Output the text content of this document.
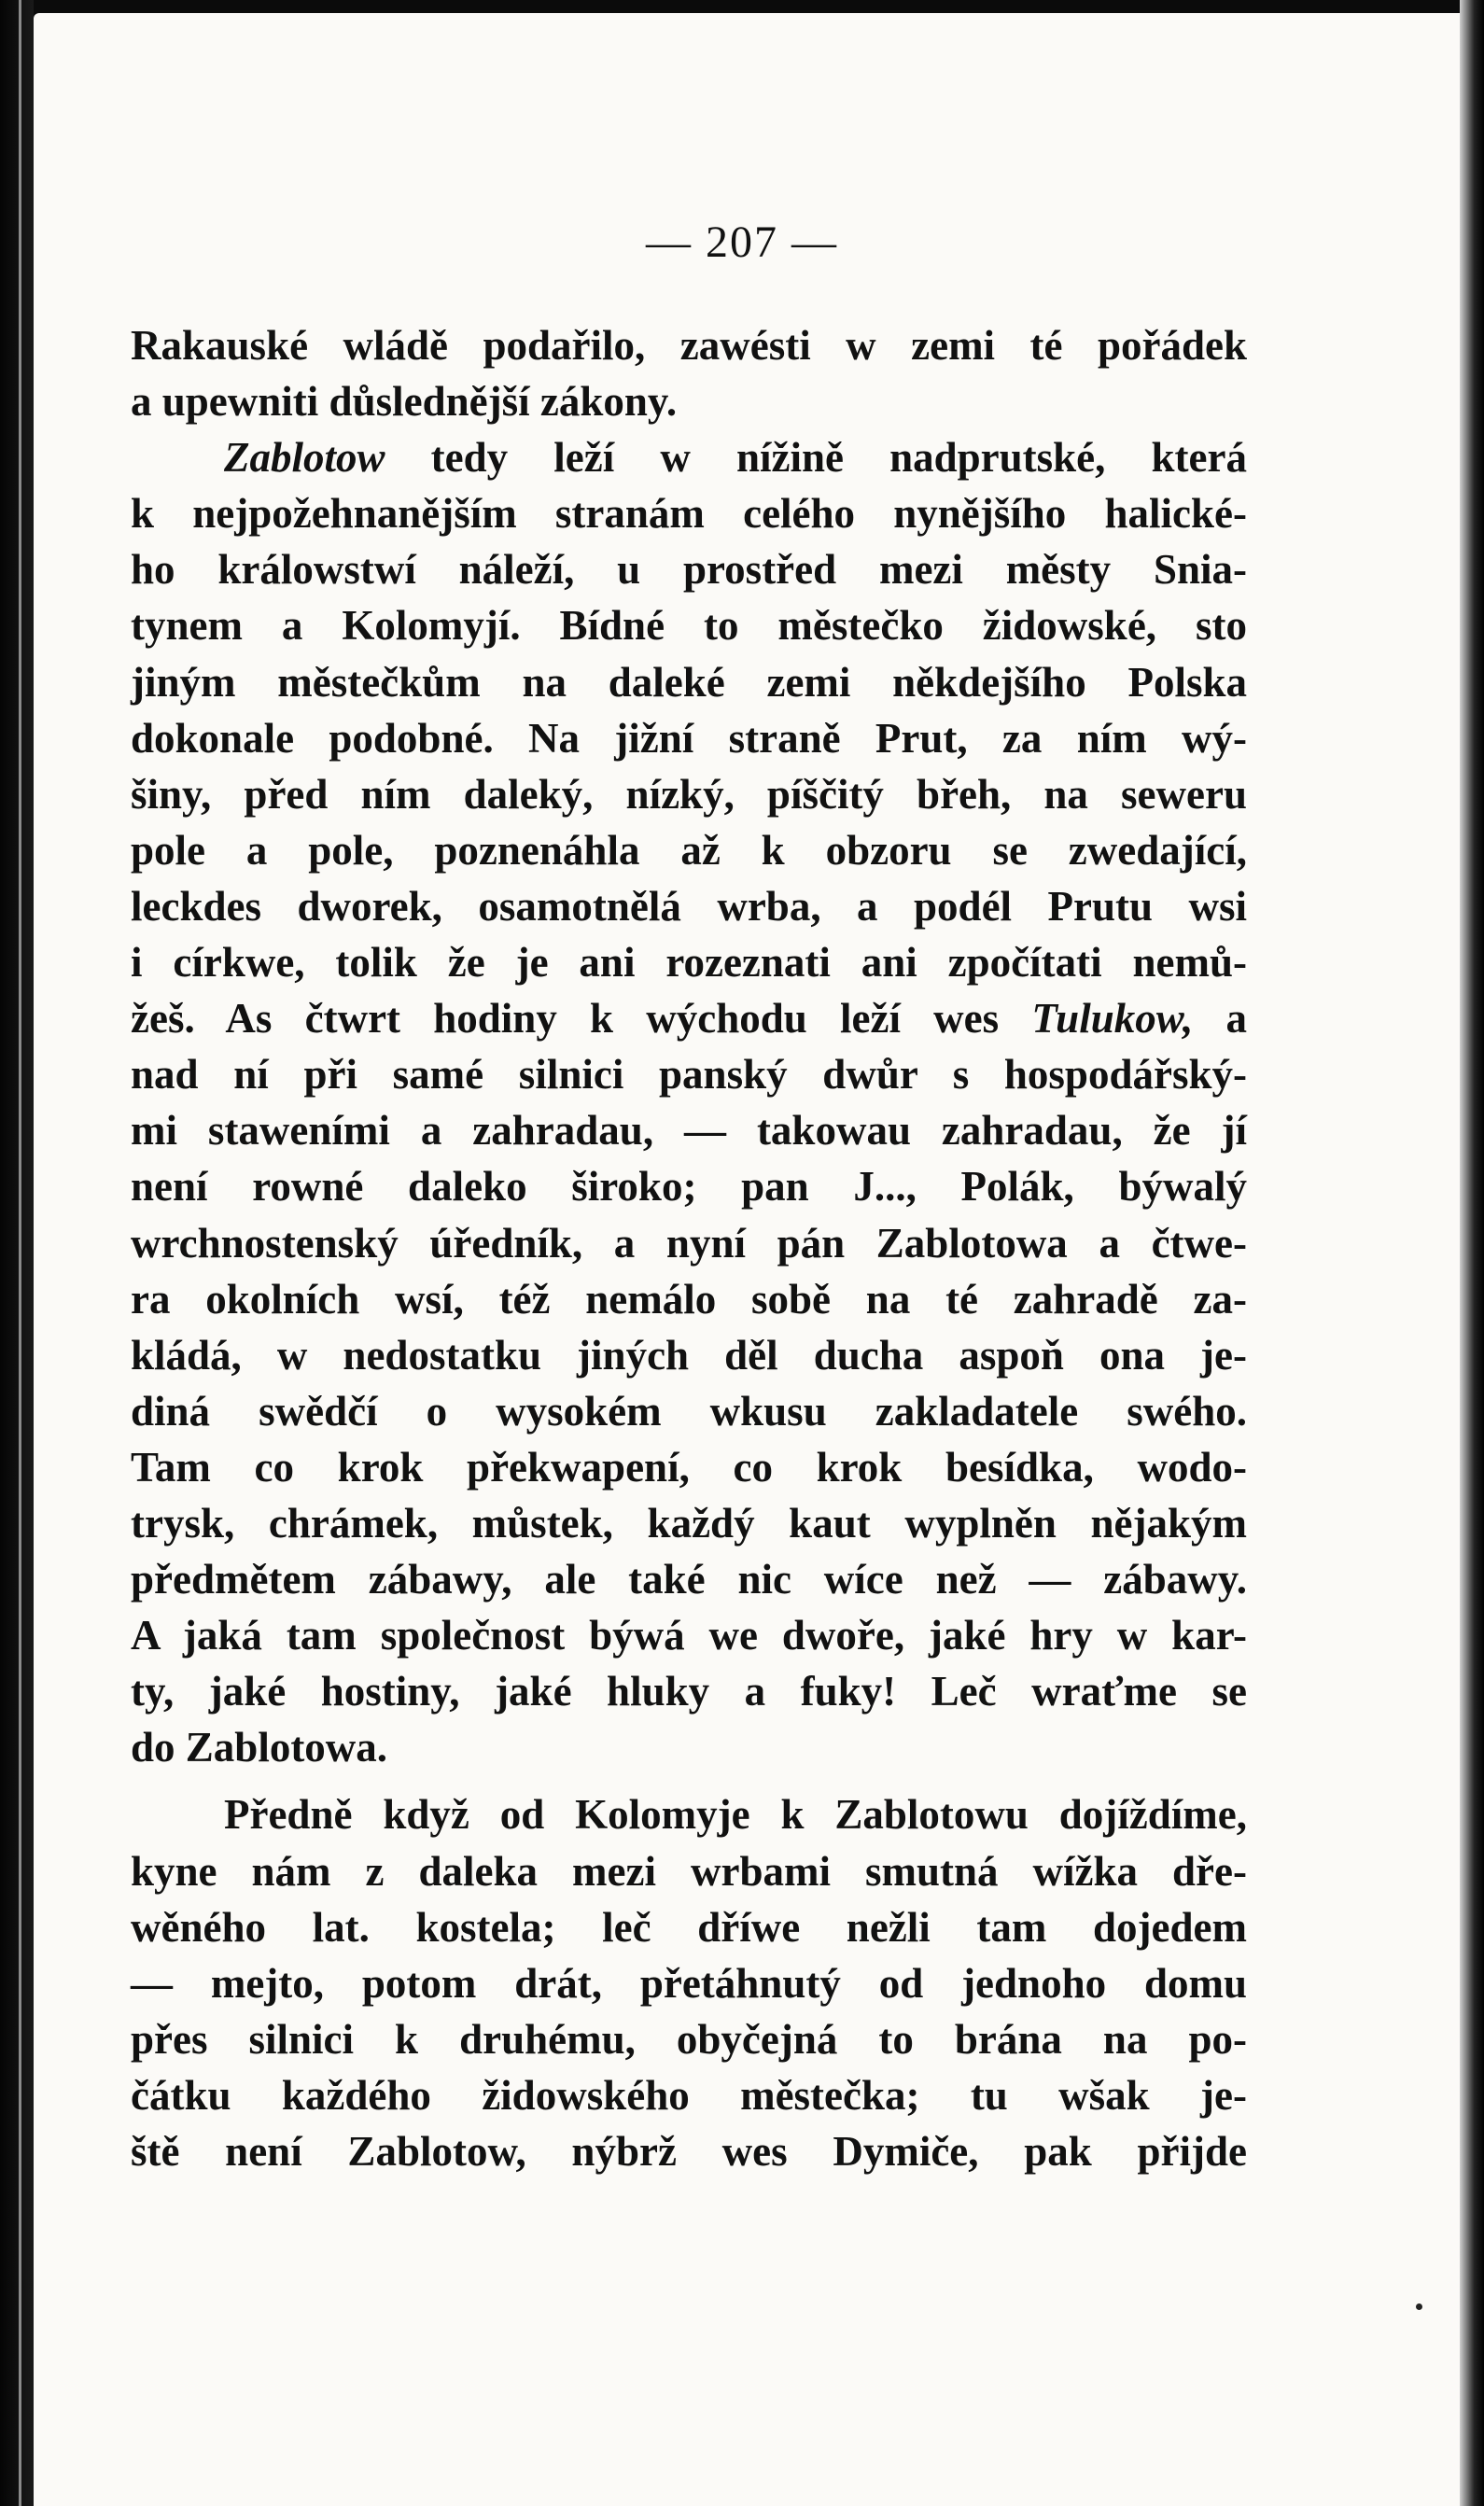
— 207 —
Rakauské wládě podařilo, zawésti w zemi té pořádek
a upewniti důslednější zákony.
Zablotow tedy leží w nížině nadprutské, která
k nejpožehnanějším stranám celého nynějšího halické-
ho králowstwí náleží, u prostřed mezi městy Snia-
tynem a Kolomyjí. Bídné to městečko židowské, sto
jiným městečkům na daleké zemi někdejšího Polska
dokonale podobné. Na jižní straně Prut, za ním wý-
šiny, před ním daleký, nízký, píščitý břeh, na sewеru
pole a pole, poznenáhla až k obzoru se zwedající,
leckdes dworek, osamotnělá wrba, a podél Prutu wsi
i církwe, tolik že je ani rozeznati ani zpočítati nemů-
žeš. As čtwrt hodiny k wýchodu leží wes Tulukow, a
nad ní při samé silnici panský dwůr s hospodářský-
mi staweními a zahradau, — takowau zahradau, že jí
není rowné daleko široko; pan J..., Polák, býwalý
wrchnostenský úředník, a nyní pán Zablotowa a čtwe-
ra okolních wsí, též nemálo sobě na té zahradě za-
kládá, w nedostatku jiných děl ducha aspoň ona je-
diná swědčí o wysokém wkusu zakladatele swého.
Tam co krok překwapení, co krok besídka, wodo-
trysk, chrámek, můstek, každý kaut wyplněn nějakým
předmětem zábawy, ale také nic wíce než — zábawy.
A jaká tam společnost býwá we dwoře, jaké hry w kar-
ty, jaké hostiny, jaké hluky a fuky! Leč wraťme se
do Zablotowa.
Předně když od Kolomyje k Zablotowu dojíždíme,
kyne nám z daleka mezi wrbami smutná wížka dře-
wěného lat. kostela; leč dříwe nežli tam dojedem
— mejto, potom drát, přetáhnutý od jednoho domu
přes silnici k druhému, obyčejná to brána na po-
čátku každého židowského městečka; tu wšak je-
ště není Zablotow, nýbrž wes Dymiče, pak přijde
